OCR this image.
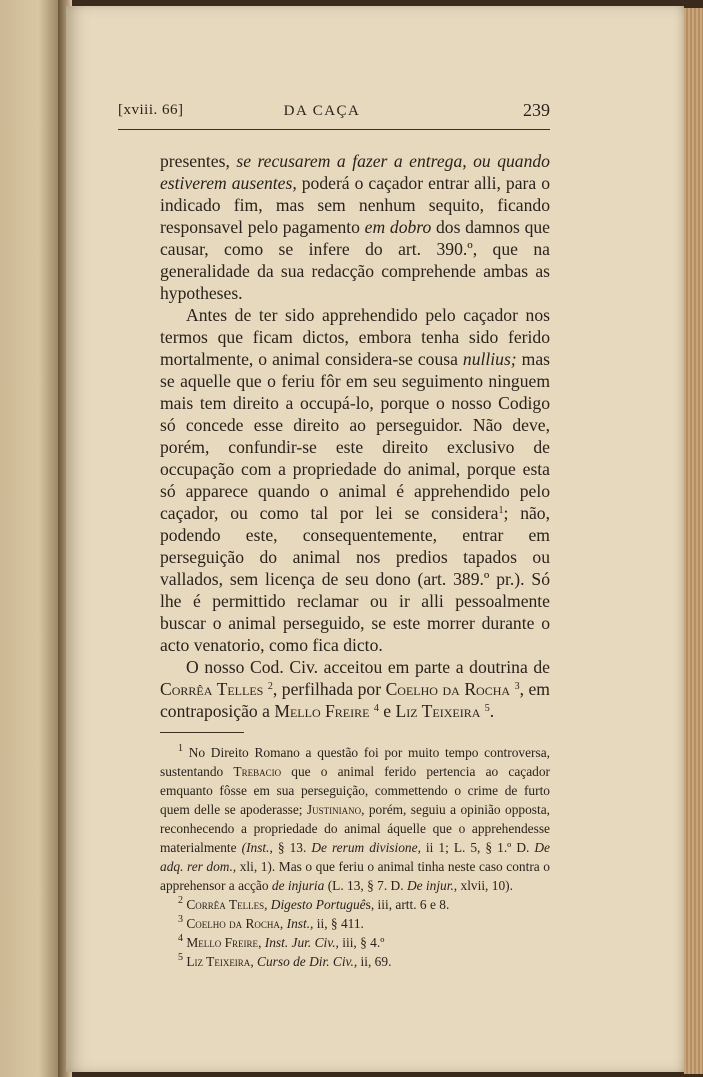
[xviii. 66]	DA CAÇA	239

presentes, se recusarem a fazer a entrega, ou quando estiverem ausentes, poderá o caçador entrar alli, para o indicado fim, mas sem nenhum sequito, ficando responsavel pelo pagamento em dobro dos damnos que causar, como se infere do art. 390.º, que na generalidade da sua redacção comprehende ambas as hypotheses.

Antes de ter sido apprehendido pelo caçador nos termos que ficam dictos, embora tenha sido ferido mortalmente, o animal considera-se cousa nullius; mas se aquelle que o feriu fôr em seu seguimento ninguem mais tem direito a occupá-lo, porque o nosso Codigo só concede esse direito ao perseguidor. Não deve, porém, confundir-se este direito exclusivo de occupação com a propriedade do animal, porque esta só apparece quando o animal é apprehendido pelo caçador, ou como tal por lei se considera$^1$; não, podendo este, consequentemente, entrar em perseguição do animal nos predios tapados ou vallados, sem licença de seu dono (art. 389.º pr.). Só lhe é permittido reclamar ou ir alli pessoalmente buscar o animal perseguido, se este morrer durante o acto venatorio, como fica dicto.

O nosso Cod. Civ. acceitou em parte a doutrina de Corrêa Telles $^2$, perfilhada por Coelho da Rocha $^3$, em contraposição a Mello Freire $^4$ e Liz Teixeira $^5$.

$^1$ No Direito Romano a questão foi por muito tempo controversa, sustentando Trebacio que o animal ferido pertencia ao caçador emquanto fôsse em sua perseguição, commettendo o crime de furto quem delle se apoderasse; Justiniano, porém, seguiu a opinião opposta, reconhecendo a propriedade do animal áquelle que o apprehendesse materialmente (Inst., § 13. De rerum divisione, ii 1; L. 5, § 1.º D. De adq. rer dom., xli, 1). Mas o que feriu o animal tinha neste caso contra o apprehensor a acção de injuria (L. 13, § 7. D. De injur., xlvii, 10).

$^2$ Corrêa Telles, Digesto Português, iii, artt. 6 e 8.

$^3$ Coelho da Rocha, Inst., ii, § 411.

$^4$ Mello Freire, Inst. Jur. Civ., iii, § 4.º

$^5$ Liz Teixeira, Curso de Dir. Civ., ii, 69.
